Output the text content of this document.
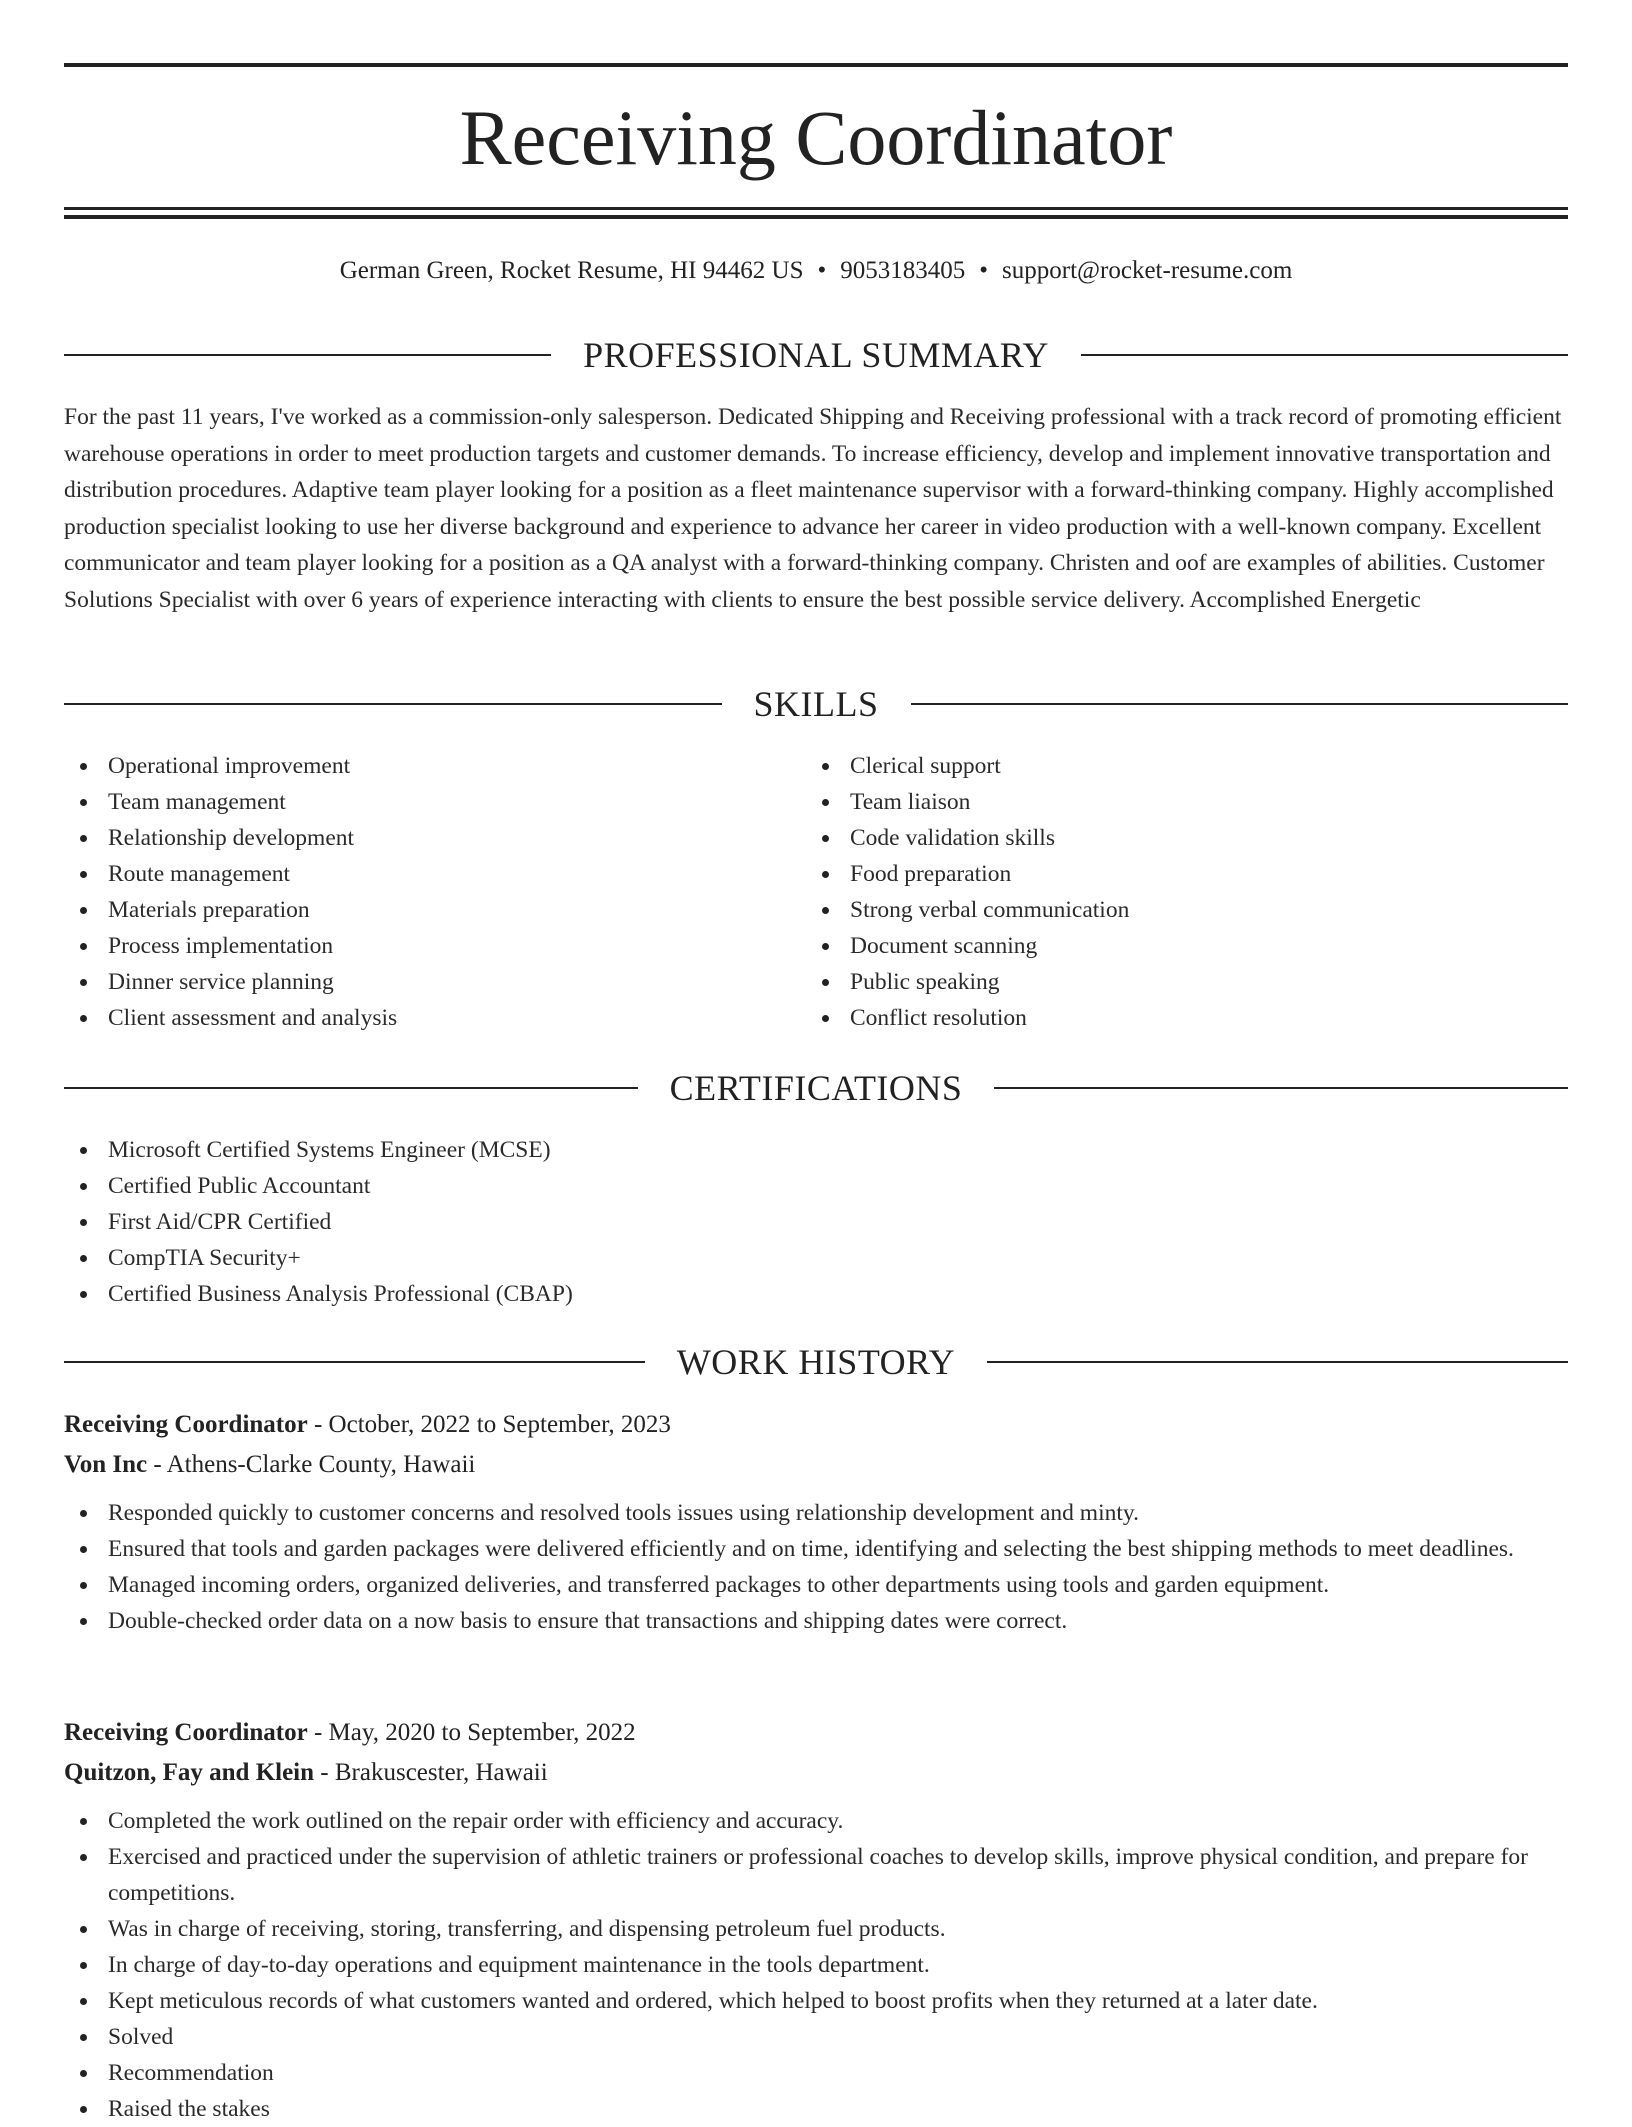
Receiving Coordinator
German Green, Rocket Resume, HI 94462 US • 9053183405 • support@rocket-resume.com
PROFESSIONAL SUMMARY

For the past 11 years, I've worked as a commission-only salesperson. Dedicated Shipping and Receiving professional with a track record of promoting efficient warehouse operations in order to meet production targets and customer demands. To increase efficiency, develop and implement innovative transportation and distribution procedures. Adaptive team player looking for a position as a fleet maintenance supervisor with a forward-thinking company. Highly accomplished production specialist looking to use her diverse background and experience to advance her career in video production with a well-known company. Excellent communicator and team player looking for a position as a QA analyst with a forward-thinking company. Christen and oof are examples of abilities. Customer Solutions Specialist with over 6 years of experience interacting with clients to ensure the best possible service delivery. Accomplished Energetic

SKILLS
Operational improvement
Team management
Relationship development
Route management
Materials preparation
Process implementation
Dinner service planning
Client assessment and analysis
Clerical support
Team liaison
Code validation skills
Food preparation
Strong verbal communication
Document scanning
Public speaking
Conflict resolution
CERTIFICATIONS
Microsoft Certified Systems Engineer (MCSE)
Certified Public Accountant
First Aid/CPR Certified
CompTIA Security+
Certified Business Analysis Professional (CBAP)
WORK HISTORY
Receiving Coordinator - October, 2022 to September, 2023
Von Inc - Athens-Clarke County, Hawaii
Responded quickly to customer concerns and resolved tools issues using relationship development and minty.
Ensured that tools and garden packages were delivered efficiently and on time, identifying and selecting the best shipping methods to meet deadlines.
Managed incoming orders, organized deliveries, and transferred packages to other departments using tools and garden equipment.
Double-checked order data on a now basis to ensure that transactions and shipping dates were correct.
Receiving Coordinator - May, 2020 to September, 2022
Quitzon, Fay and Klein - Brakuscester, Hawaii
Completed the work outlined on the repair order with efficiency and accuracy.
Exercised and practiced under the supervision of athletic trainers or professional coaches to develop skills, improve physical condition, and prepare for competitions.
Was in charge of receiving, storing, transferring, and dispensing petroleum fuel products.
In charge of day-to-day operations and equipment maintenance in the tools department.
Kept meticulous records of what customers wanted and ordered, which helped to boost profits when they returned at a later date.
Solved
Recommendation
Raised the stakes
